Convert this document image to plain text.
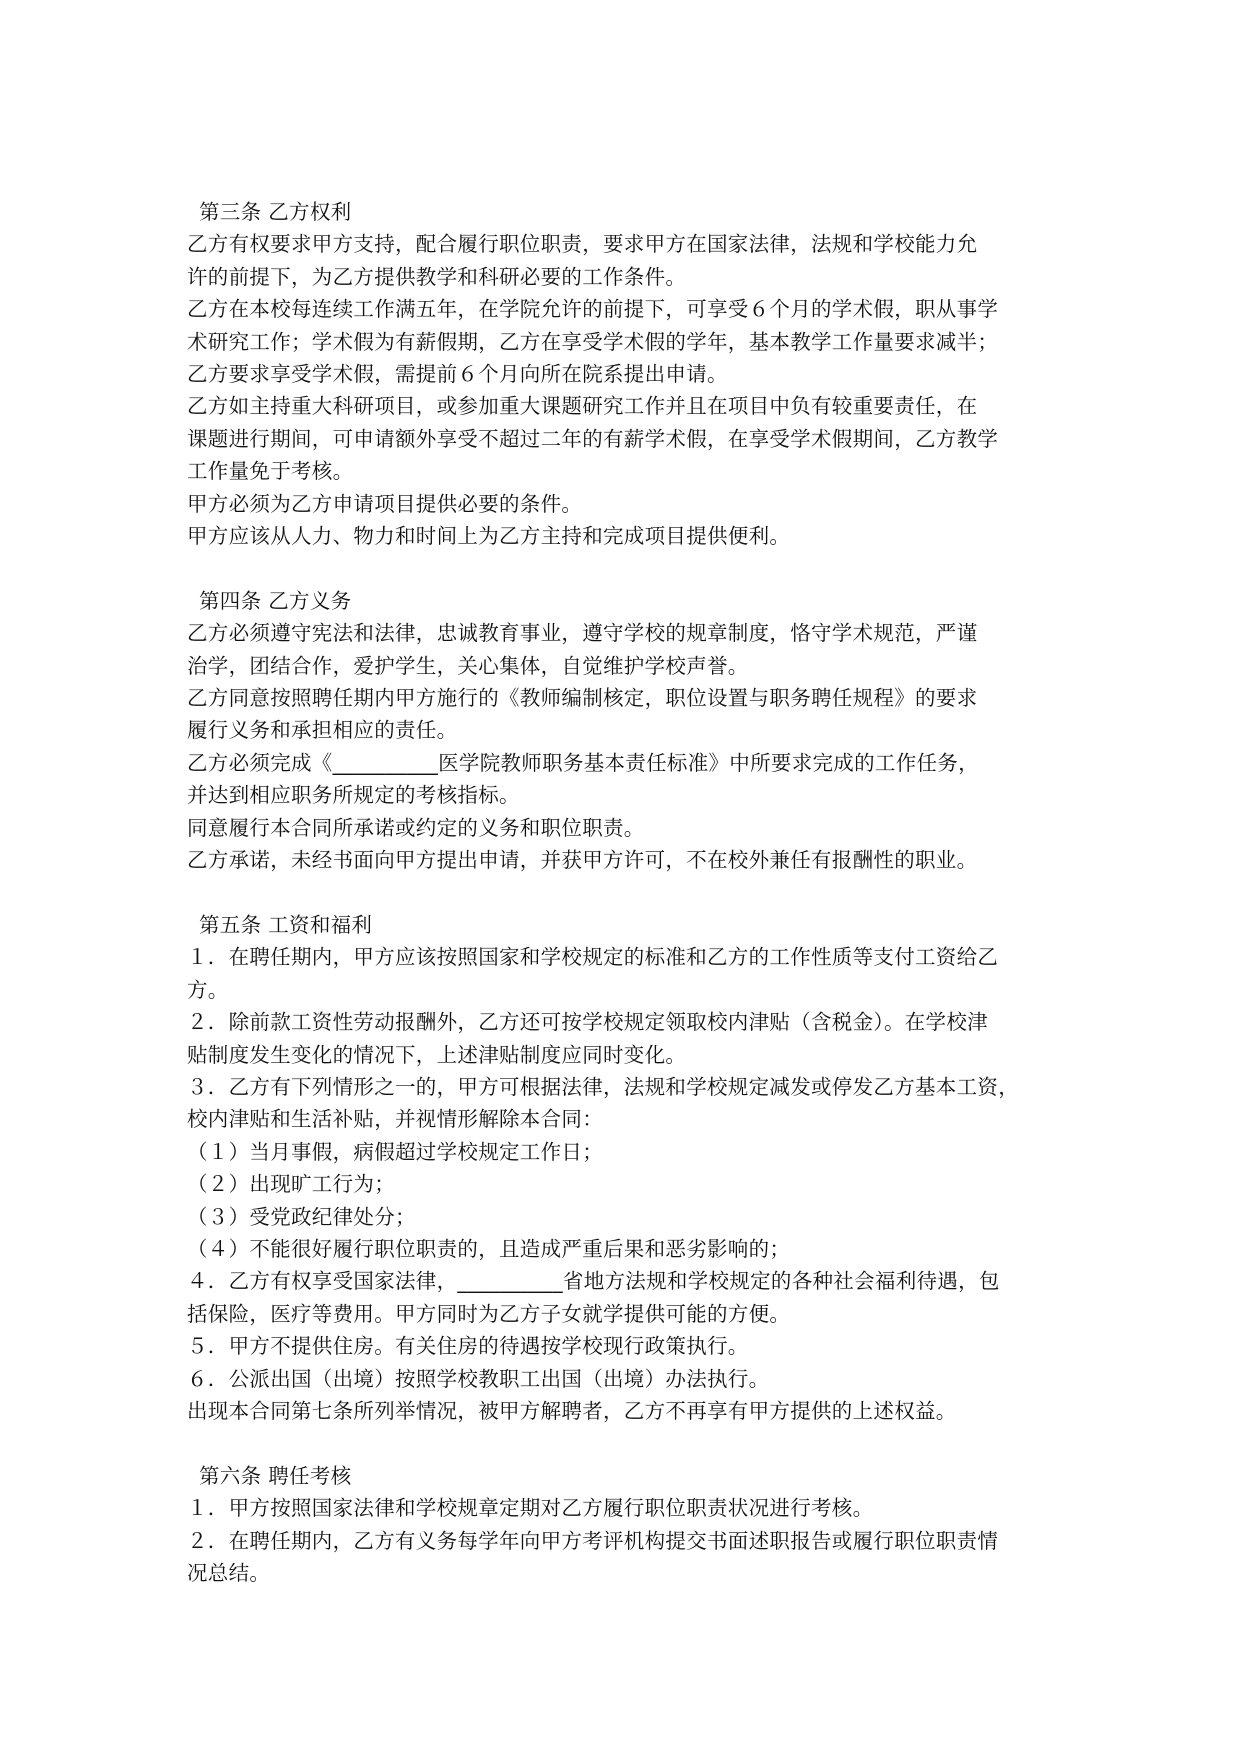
第三条 乙方权利

乙方有权要求甲方支持，配合履行职位职责，要求甲方在国家法律，法规和学校能力允

许的前提下，为乙方提供教学和科研必要的工作条件。

乙方在本校每连续工作满五年，在学院允许的前提下，可享受６个月的学术假，职从事学

术研究工作；学术假为有薪假期，乙方在享受学术假的学年，基本教学工作量要求减半；

乙方要求享受学术假，需提前６个月向所在院系提出申请。

乙方如主持重大科研项目，或参加重大课题研究工作并且在项目中负有较重要责任，在

课题进行期间，可申请额外享受不超过二年的有薪学术假，在享受学术假期间，乙方教学

工作量免于考核。

甲方必须为乙方申请项目提供必要的条件。

甲方应该从人力、物力和时间上为乙方主持和完成项目提供便利。

第四条 乙方义务

乙方必须遵守宪法和法律，忠诚教育事业，遵守学校的规章制度，恪守学术规范，严谨

治学，团结合作，爱护学生，关心集体，自觉维护学校声誉。

乙方同意按照聘任期内甲方施行的《教师编制核定，职位设置与职务聘任规程》的要求

履行义务和承担相应的责任。

乙方必须完成《__________医学院教师职务基本责任标准》中所要求完成的工作任务，

并达到相应职务所规定的考核指标。

同意履行本合同所承诺或约定的义务和职位职责。

乙方承诺，未经书面向甲方提出申请，并获甲方许可，不在校外兼任有报酬性的职业。

第五条 工资和福利

１．在聘任期内，甲方应该按照国家和学校规定的标准和乙方的工作性质等支付工资给乙

方。

２．除前款工资性劳动报酬外，乙方还可按学校规定领取校内津贴（含税金）。在学校津

贴制度发生变化的情况下，上述津贴制度应同时变化。

３．乙方有下列情形之一的，甲方可根据法律，法规和学校规定减发或停发乙方基本工资，

校内津贴和生活补贴，并视情形解除本合同：

（１）当月事假，病假超过学校规定工作日；

（２）出现旷工行为；

（３）受党政纪律处分；

（４）不能很好履行职位职责的，且造成严重后果和恶劣影响的；

４．乙方有权享受国家法律，__________省地方法规和学校规定的各种社会福利待遇，包

括保险，医疗等费用。甲方同时为乙方子女就学提供可能的方便。

５．甲方不提供住房。有关住房的待遇按学校现行政策执行。

６．公派出国（出境）按照学校教职工出国（出境）办法执行。

出现本合同第七条所列举情况，被甲方解聘者，乙方不再享有甲方提供的上述权益。

第六条 聘任考核

１．甲方按照国家法律和学校规章定期对乙方履行职位职责状况进行考核。

２．在聘任期内，乙方有义务每学年向甲方考评机构提交书面述职报告或履行职位职责情

况总结。
